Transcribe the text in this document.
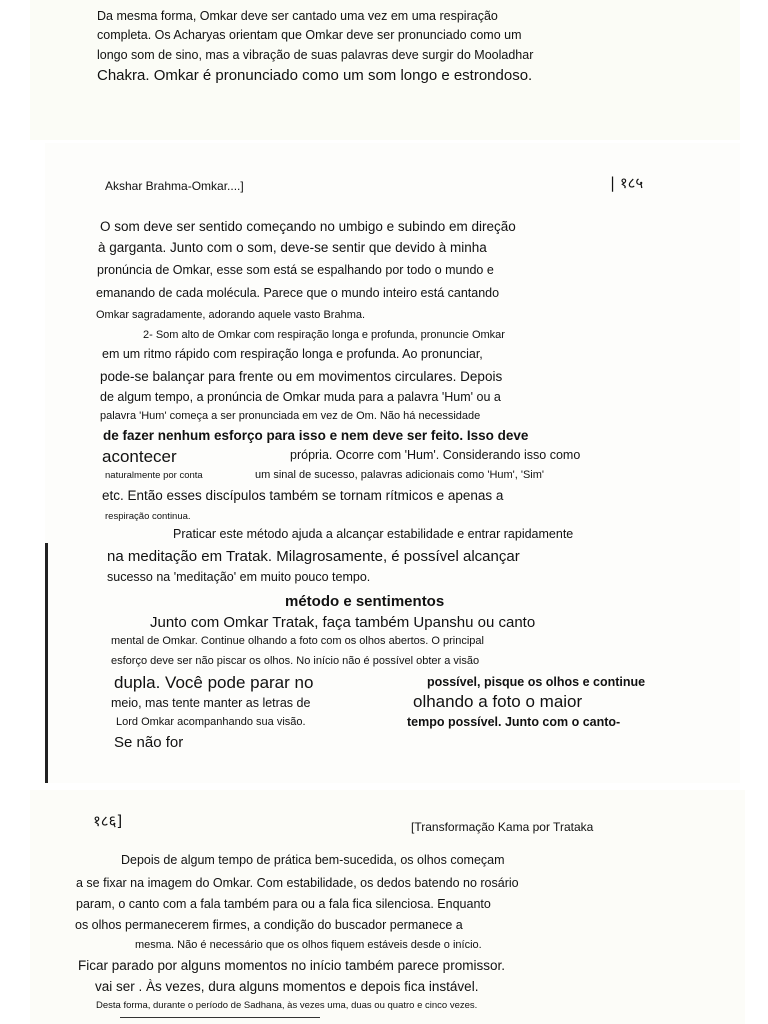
Da mesma forma, Omkar deve ser cantado uma vez em uma respiração
completa. Os Acharyas orientam que Omkar deve ser pronunciado como um
longo som de sino, mas a vibração de suas palavras deve surgir do Mooladhar
Chakra. Omkar é pronunciado como um som longo e estrondoso.
Akshar Brahma-Omkar....]	| १८५
O som deve ser sentido começando no umbigo e subindo em direção
à garganta. Junto com o som, deve-se sentir que devido à minha
pronúncia de Omkar, esse som está se espalhando por todo o mundo e
emanando de cada molécula. Parece que o mundo inteiro está cantando
Omkar sagradamente, adorando aquele vasto Brahma.
2- Som alto de Omkar com respiração longa e profunda, pronuncie Omkar
em um ritmo rápido com respiração longa e profunda. Ao pronunciar,
pode-se balançar para frente ou em movimentos circulares. Depois
de algum tempo, a pronúncia de Omkar muda para a palavra 'Hum' ou a
palavra 'Hum' começa a ser pronunciada em vez de Om. Não há necessidade
de fazer nenhum esforço para isso e nem deve ser feito. Isso deve
acontecer	própria. Ocorre com 'Hum'. Considerando isso como
naturalmente por conta	um sinal de sucesso, palavras adicionais como 'Hum', 'Sim'
etc. Então esses discípulos também se tornam rítmicos e apenas a
respiração continua.
Praticar este método ajuda a alcançar estabilidade e entrar rapidamente
na meditação em Tratak. Milagrosamente, é possível alcançar
sucesso na 'meditação' em muito pouco tempo.
método e sentimentos
Junto com Omkar Tratak, faça também Upanshu ou canto
mental de Omkar. Continue olhando a foto com os olhos abertos. O principal
esforço deve ser não piscar os olhos. No início não é possível obter a visão
dupla. Você pode parar no	possível, pisque os olhos e continue
meio, mas tente manter as letras de	olhando a foto o maior
Lord Omkar acompanhando sua visão.	tempo possível. Junto com o canto-
Se não for
१८६]	[Transformação Kama por Trataka
Depois de algum tempo de prática bem-sucedida, os olhos começam
a se fixar na imagem do Omkar. Com estabilidade, os dedos batendo no rosário
param, o canto com a fala também para ou a fala fica silenciosa. Enquanto
os olhos permanecerem firmes, a condição do buscador permanece a
mesma. Não é necessário que os olhos fiquem estáveis desde o início.
Ficar parado por alguns momentos no início também parece promissor.
vai ser . Às vezes, dura alguns momentos e depois fica instável.
Desta forma, durante o período de Sadhana, às vezes uma, duas ou quatro e cinco vezes.
